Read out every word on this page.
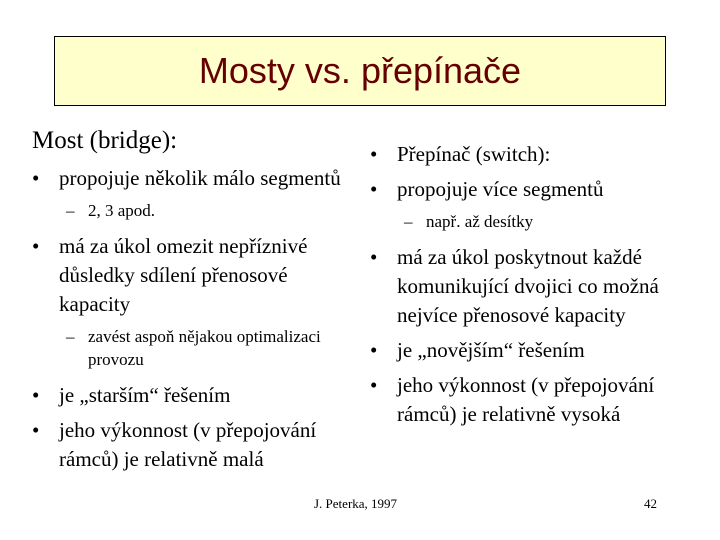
Mosty vs. přepínače
Most (bridge):
• propojuje několik málo segmentů
– 2, 3 apod.
• má za úkol omezit nepříznivé důsledky sdílení přenosové kapacity
– zavést aspoň nějakou optimalizaci provozu
• je „starším“ řešením
• jeho výkonnost (v přepojování rámců) je relativně malá
• Přepínač (switch):
• propojuje více segmentů
– např. až desítky
• má za úkol poskytnout každé komunikující dvojici co možná nejvíce přenosové kapacity
• je „novějším“ řešením
• jeho výkonnost (v přepojování rámců) je relativně vysoká
J. Peterka, 1997	42
